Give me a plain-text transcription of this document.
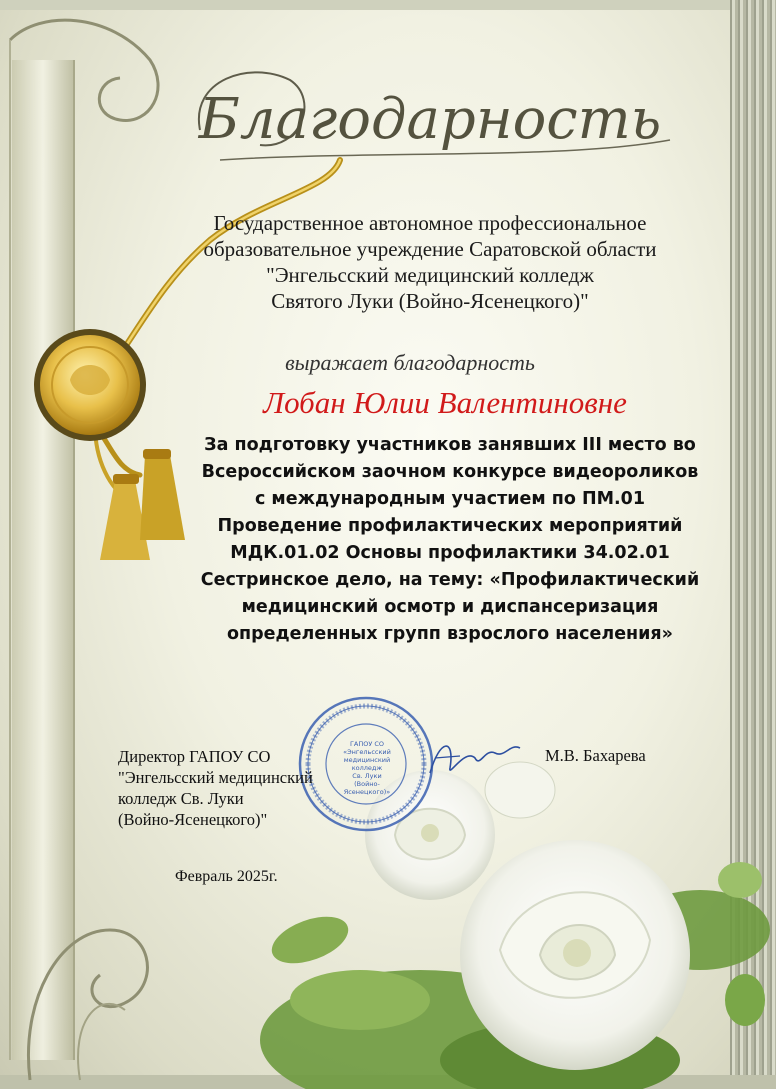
Благодарность
Государственное автономное профессиональное
образовательное учреждение Саратовской области
"Энгельсский медицинский колледж
Святого Луки (Войно-Ясенецкого)"
выражает благодарность
Лобан Юлии Валентиновне
За подготовку участников занявших III место во
Всероссийском заочном конкурсе видеороликов
с международным участием по ПМ.01
Проведение профилактических мероприятий
МДК.01.02 Основы профилактики 34.02.01
Сестринское дело, на тему: «Профилактический
медицинский осмотр и диспансеризация
определенных групп взрослого населения»
ГАПОУ СО
«Энгельсский
медицинский
колледж
Св. Луки
(Войно-
Ясенецкого)»
Директор ГАПОУ СО
"Энгельсский медицинский
колледж Св. Луки
(Войно-Ясенецкого)"
М.В. Бахарева
Февраль 2025г.
